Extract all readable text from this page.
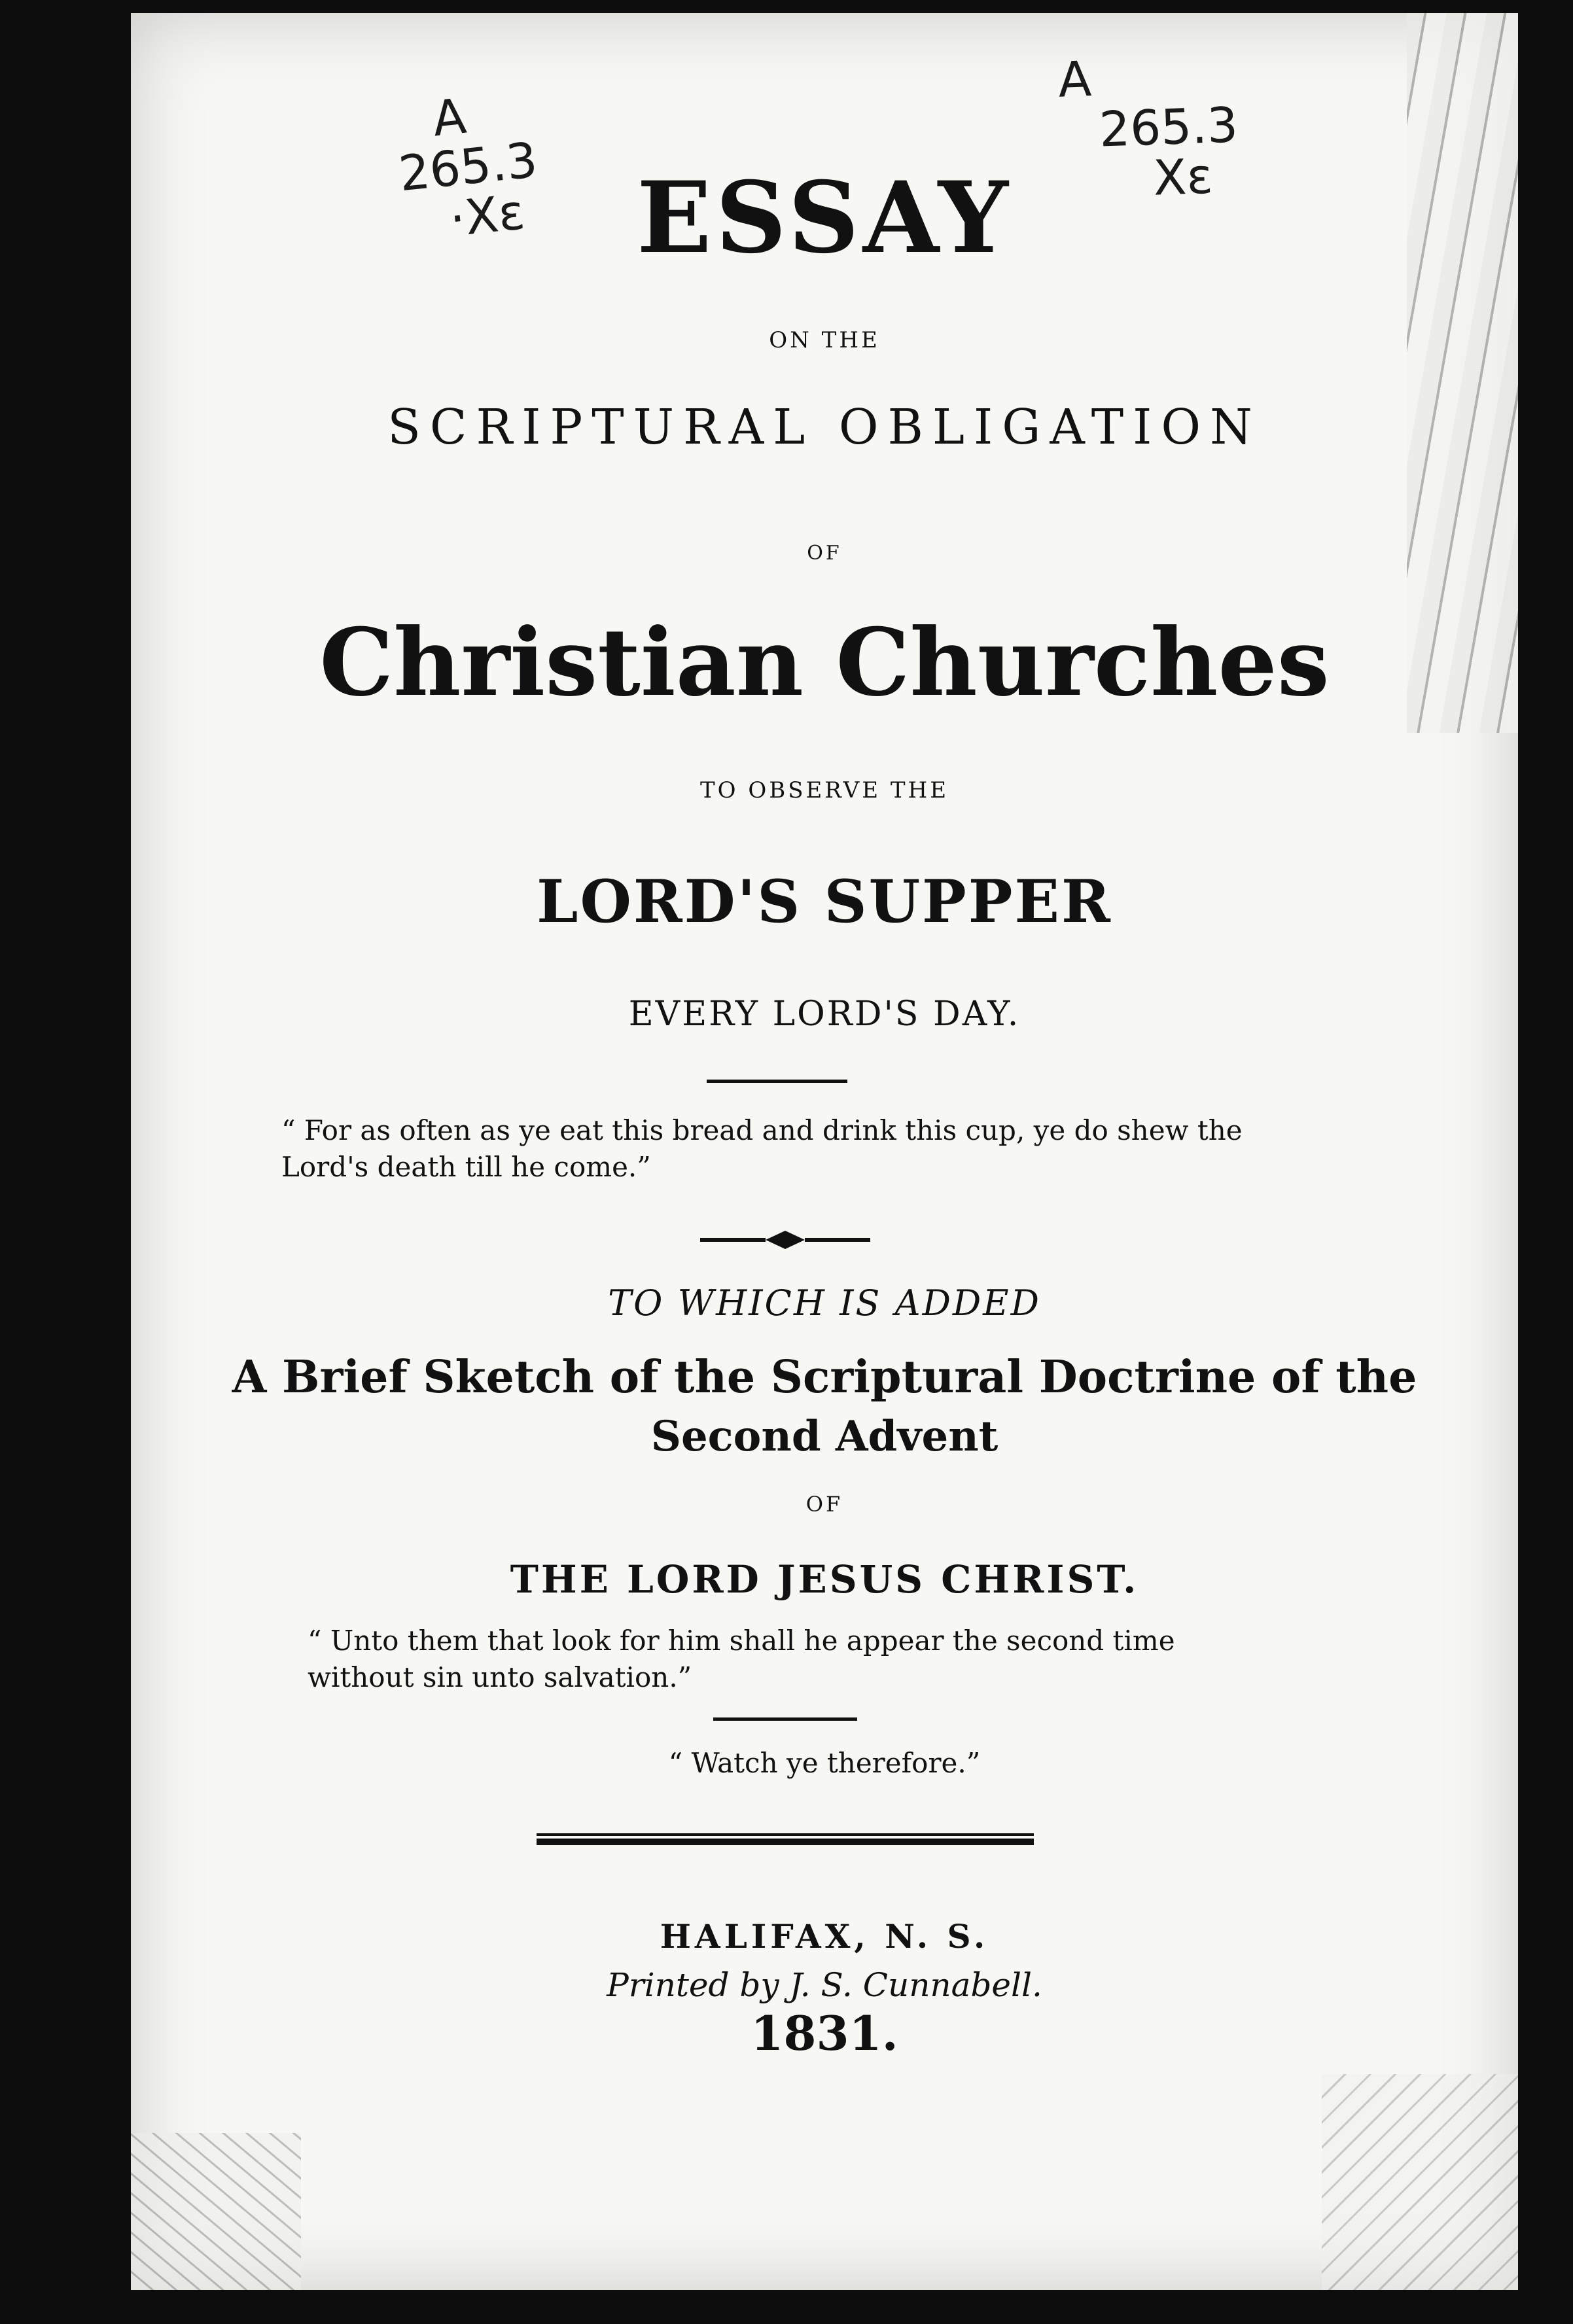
A
265.3
·Xε
A
265.3
Xε
ESSAY
ON THE
SCRIPTURAL OBLIGATION
OF
Christian Churches
TO OBSERVE THE
LORD'S SUPPER
EVERY LORD'S DAY.
TO WHICH IS ADDED
A Brief Sketch of the Scriptural Doctrine of the
Second Advent
OF
THE LORD JESUS CHRIST.
“ Watch ye therefore.”
HALIFAX, N. S.
Printed by J. S. Cunnabell.
1831.
“ For as often as ye eat this bread and drink this cup, ye do shew the Lord's death till he come.”
“ Unto them that look for him shall he appear the second time without sin unto salvation.”
